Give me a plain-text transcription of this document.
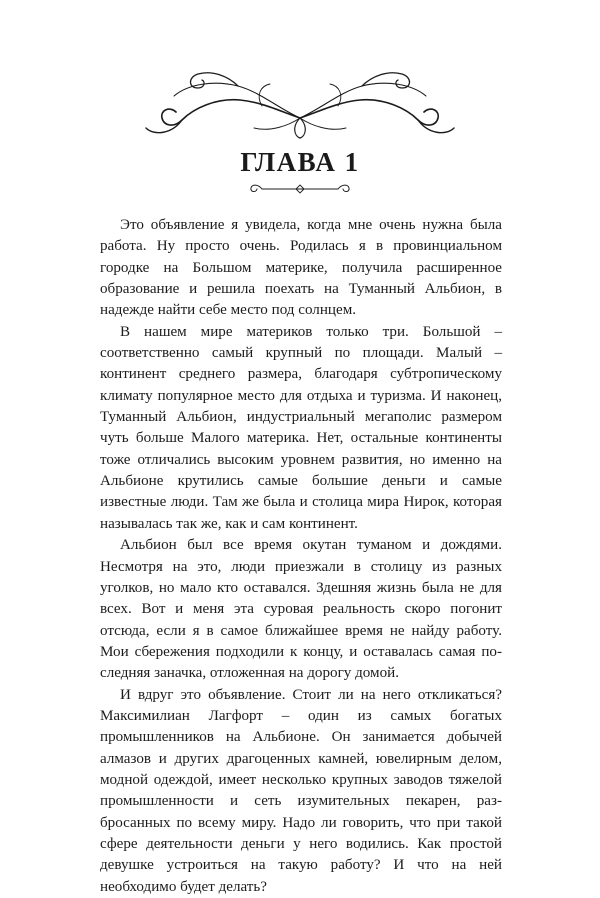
ГЛАВА 1

Это объявление я увидела, когда мне очень нужна была работа. Ну просто очень. Родилась я в провинциальном городке на Большом материке, получила расширенное образование и решила поехать на Туманный Альбион, в надежде найти себе место под солнцем.

В нашем мире материков только три. Большой – соответственно самый крупный по площади. Малый – континент среднего размера, благодаря субтропическому климату популярное место для отдыха и туризма. И наконец, Туманный Альбион, индустриальный мегаполис размером чуть больше Малого материка. Нет, остальные континенты тоже отличались высоким уровнем развития, но именно на Альбионе крутились самые большие деньги и самые известные люди. Там же была и столица мира Нирок, которая называлась так же, как и сам континент.

Альбион был все время окутан туманом и дождями. Несмотря на это, люди приезжали в столицу из разных уголков, но мало кто оставался. Здешняя жизнь была не для всех. Вот и меня эта суровая реальность скоро погонит отсюда, если я в самое ближайшее время не найду работу. Мои сбережения подходили к концу, и оставалась самая последняя заначка, отложенная на дорогу домой.

И вдруг это объявление. Стоит ли на него откликаться? Максимилиан Лагфорт – один из самых богатых промышленников на Альбионе. Он занимается добычей алмазов и других драгоценных камней, ювелирным делом, модной одеждой, имеет несколько крупных заводов тяжелой промышленности и сеть изумительных пекарен, разбросанных по всему миру. Надо ли говорить, что при такой сфере деятельности деньги у него водились. Как простой девушке устроиться на такую работу? И что на ней необходимо будет делать?
